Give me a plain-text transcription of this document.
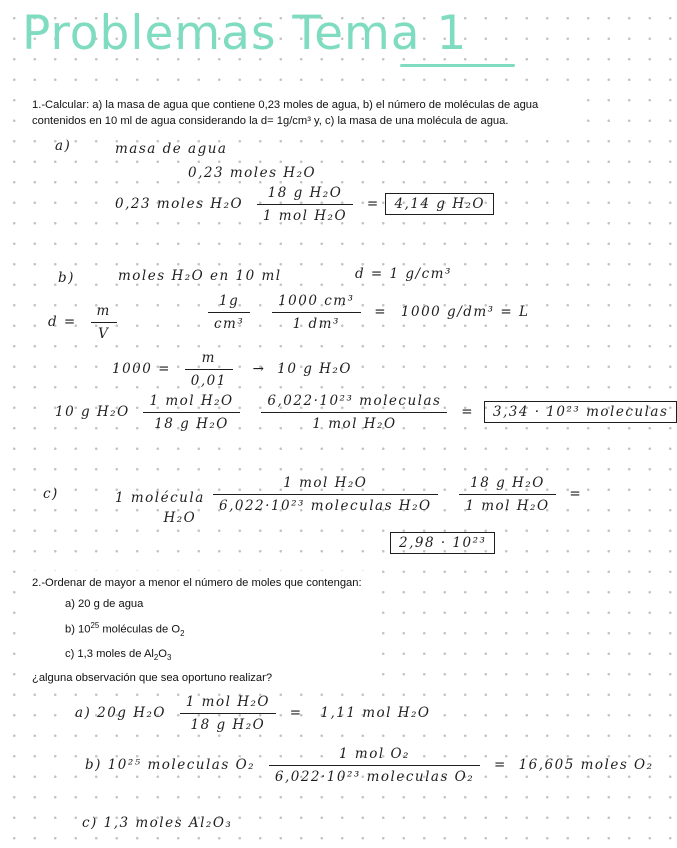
Problemas Tema 1

1.-Calcular: a) la masa de agua que contiene 0,23 moles de agua, b) el número de moléculas de agua contenidos en 10 ml de agua considerando la d= 1g/cm³ y, c) la masa de una molécula de agua.

a)	masa de agua
0,23 moles H₂O
0,23 moles $H_2O \frac{\text{18 g H₂O}}{\text{1 mol H₂O}} = 4,14$ g H₂O
b)	moles H₂O en 10 ml	d = 1 g/cm³
$d = \frac{m}{V}$	$\frac{1g}{\text{cm³}}$
$\frac{\text{1000 cm³}}{\text{1 dm³}} = 1000$ g/dm³ = L
$1000 = \frac{m}{0,01} \to 10$ g H₂O
10 g $H_2O \frac{\text{1 mol H₂O}}{\text{18 g H₂O}}$
$\frac{\text{6,022·10²³ moleculas}}{\text{1 mol H₂O}} = 3,34 \cdot 10^{23}$ moleculas
c)	1 molécula
H₂O
$\frac{\text{1 mol H₂O}}{\text{6,022·10²³ moleculas H₂O}}$
$\frac{\text{18 g H₂O}}{\text{1 mol H₂O}}$ =
2,98 · 10²³

2.-Ordenar de mayor a menor el número de moles que contengan:

a) 20 g de agua

b) $10^{25}$ moléculas de $O_2$

c) 1,3 moles de $Al_2O_3$

¿alguna observación que sea oportuno realizar?

a) 20g $H_2O \frac{\text{1 mol H₂O}}{\text{18 g H₂O}} = 1,11$ mol H₂O
b) 10²⁵ moleculas $O_2 \frac{\text{1 mol O₂}}{\text{6,022·10²³ moleculas O₂}} = 16,605$ moles O₂
c) 1,3 moles Al₂O₃
